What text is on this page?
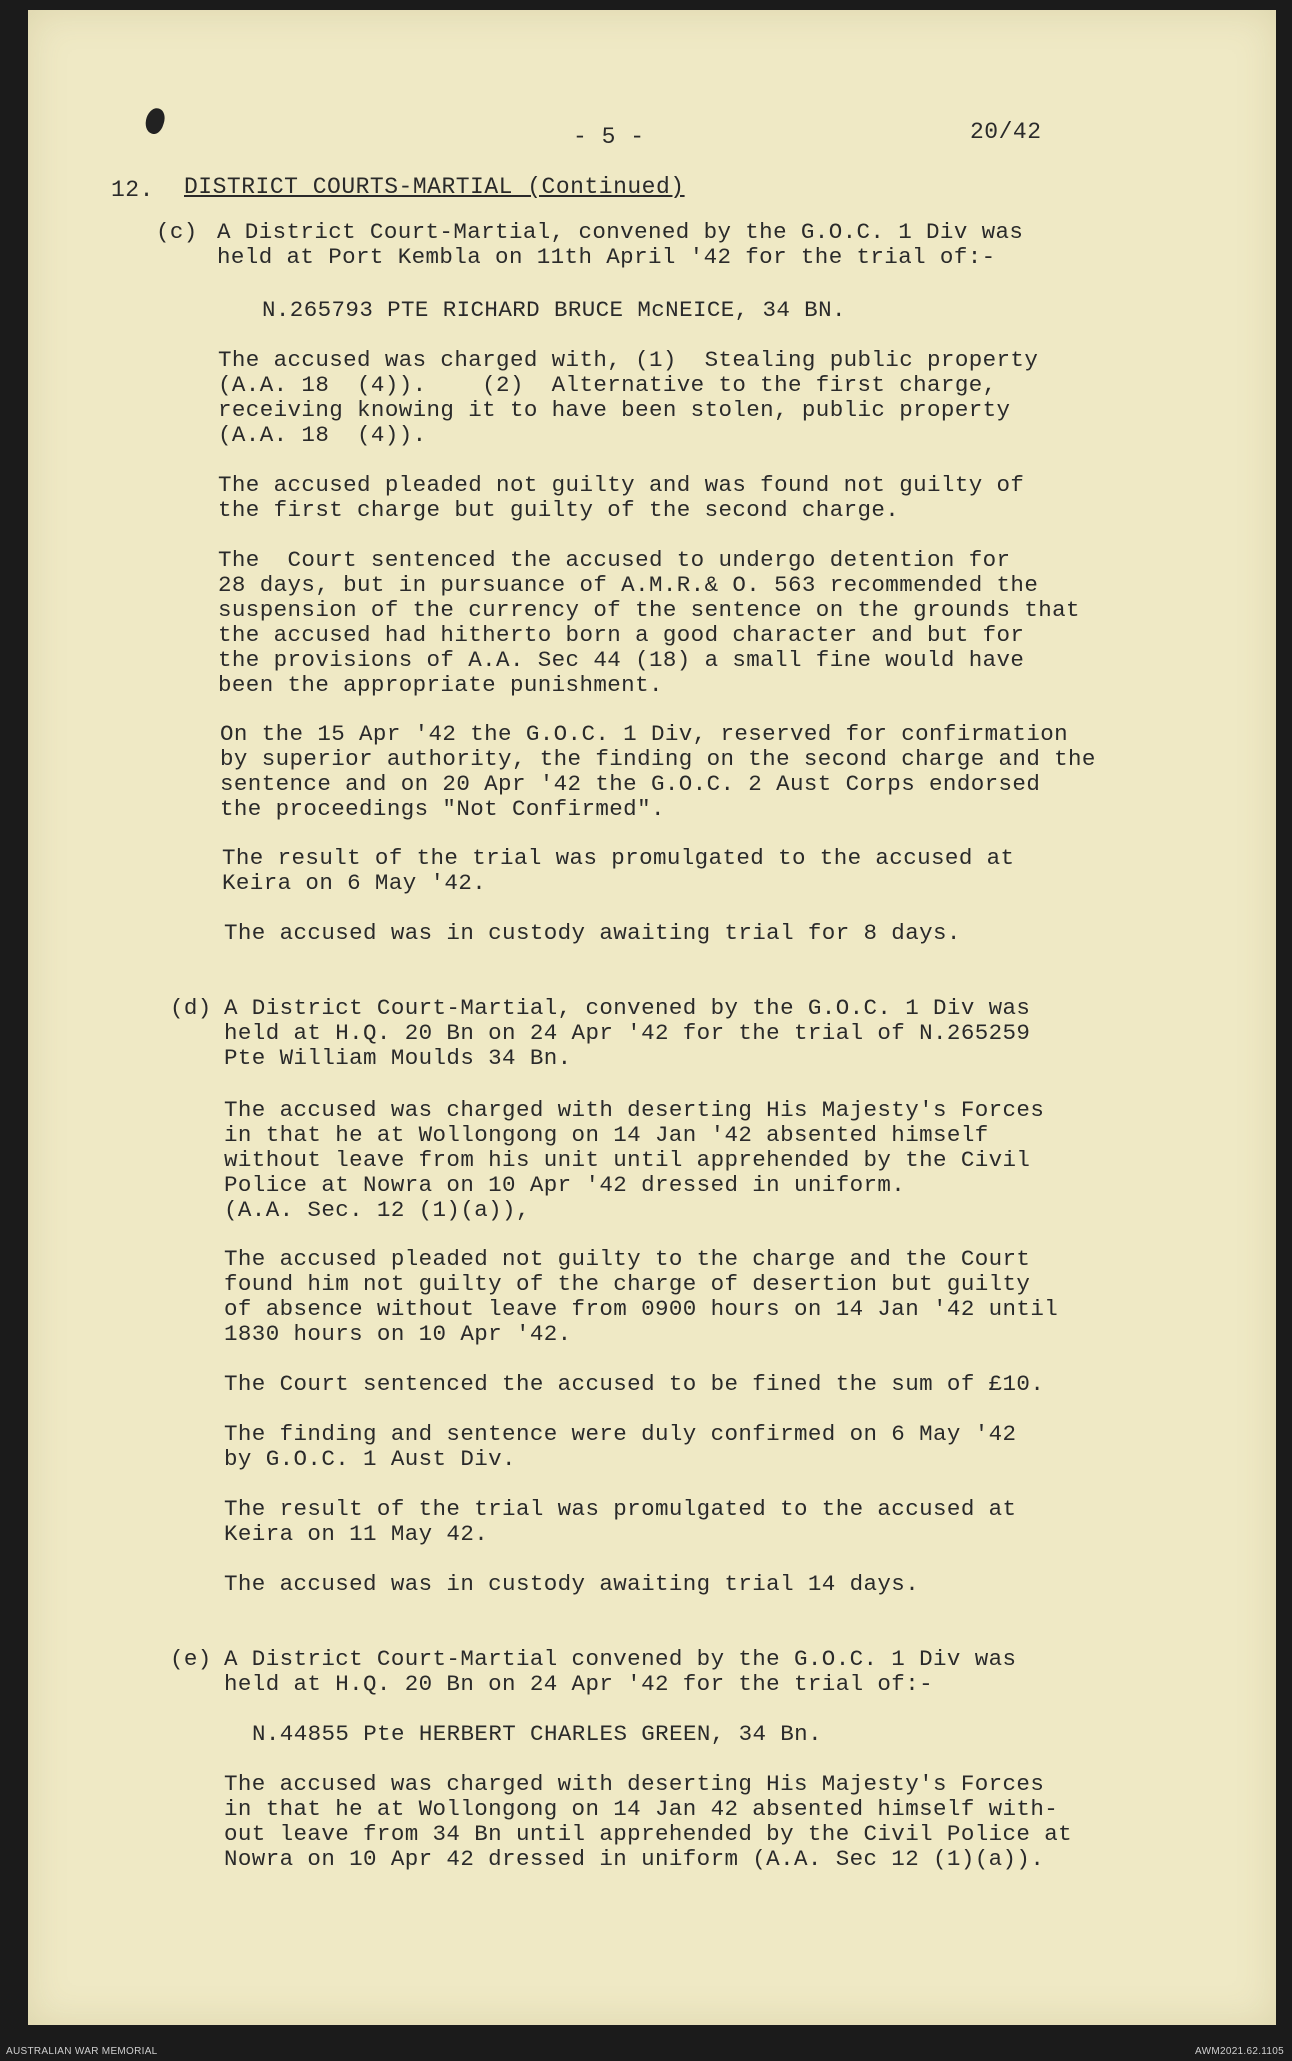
- 5 -	20/42
12. DISTRICT COURTS-MARTIAL (Continued)
(c) A District Court-Martial, convened by the G.O.C. 1 Div was
held at Port Kembla on 11th April '42 for the trial of:-
N.265793 PTE RICHARD BRUCE McNEICE, 34 BN.
The accused was charged with, (1)  Stealing public property
(A.A. 18  (4)).    (2)  Alternative to the first charge,
receiving knowing it to have been stolen, public property
(A.A. 18  (4)).
The accused pleaded not guilty and was found not guilty of
the first charge but guilty of the second charge.
The  Court sentenced the accused to undergo detention for
28 days, but in pursuance of A.M.R.& O. 563 recommended the
suspension of the currency of the sentence on the grounds that
the accused had hitherto born a good character and but for
the provisions of A.A. Sec 44 (18) a small fine would have
been the appropriate punishment.
On the 15 Apr '42 the G.O.C. 1 Div, reserved for confirmation
by superior authority, the finding on the second charge and the
sentence and on 20 Apr '42 the G.O.C. 2 Aust Corps endorsed
the proceedings "Not Confirmed".
The result of the trial was promulgated to the accused at
Keira on 6 May '42.
The accused was in custody awaiting trial for 8 days.
(d) A District Court-Martial, convened by the G.O.C. 1 Div was
held at H.Q. 20 Bn on 24 Apr '42 for the trial of N.265259
Pte William Moulds 34 Bn.
The accused was charged with deserting His Majesty's Forces
in that he at Wollongong on 14 Jan '42 absented himself
without leave from his unit until apprehended by the Civil
Police at Nowra on 10 Apr '42 dressed in uniform.
(A.A. Sec. 12 (1)(a)),
The accused pleaded not guilty to the charge and the Court
found him not guilty of the charge of desertion but guilty
of absence without leave from 0900 hours on 14 Jan '42 until
1830 hours on 10 Apr '42.
The Court sentenced the accused to be fined the sum of £10.
The finding and sentence were duly confirmed on 6 May '42
by G.O.C. 1 Aust Div.
The result of the trial was promulgated to the accused at
Keira on 11 May 42.
The accused was in custody awaiting trial 14 days.
(e) A District Court-Martial convened by the G.O.C. 1 Div was
held at H.Q. 20 Bn on 24 Apr '42 for the trial of:-
N.44855 Pte HERBERT CHARLES GREEN, 34 Bn.
The accused was charged with deserting His Majesty's Forces
in that he at Wollongong on 14 Jan 42 absented himself with-
out leave from 34 Bn until apprehended by the Civil Police at
Nowra on 10 Apr 42 dressed in uniform (A.A. Sec 12 (1)(a)).
AUSTRALIAN WAR MEMORIAL	AWM2021.62.1105
